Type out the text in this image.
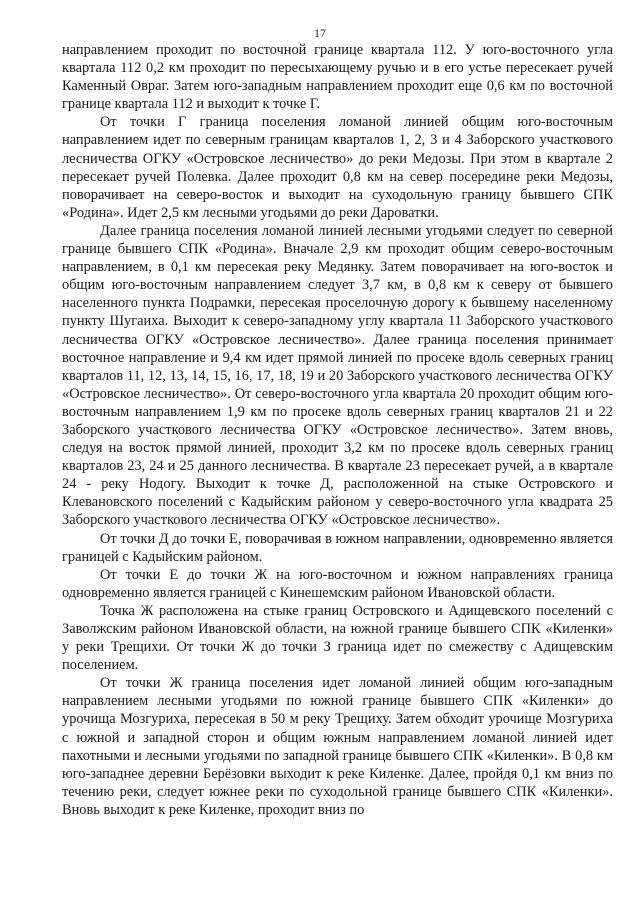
17

направлением проходит по восточной границе квартала 112. У юго-восточного угла квартала 112 0,2 км проходит по пересыхающему ручью и в его устье пересекает ручей Каменный Овраг. Затем юго-западным направлением проходит еще 0,6 км по восточной границе квартала 112 и выходит к точке Г.

От точки Г граница поселения ломаной линией общим юго-восточным направлением идет по северным границам кварталов 1, 2, 3 и 4 Заборского участкового лесничества ОГКУ «Островское лесничество» до реки Медозы. При этом в квартале 2 пересекает ручей Полевка. Далее проходит 0,8 км на север посередине реки Медозы, поворачивает на северо-восток и выходит на суходольную границу бывшего СПК «Родина». Идет 2,5 км лесными угодьями до реки Дароватки.

Далее граница поселения ломаной линией лесными угодьями следует по северной границе бывшего СПК «Родина». Вначале 2,9 км проходит общим северо-восточным направлением, в 0,1 км пересекая реку Медянку. Затем поворачивает на юго-восток и общим юго-восточным направлением следует 3,7 км, в 0,8 км к северу от бывшего населенного пункта Подрамки, пересекая проселочную дорогу к бывшему населенному пункту Шугаиха. Выходит к северо-западному углу квартала 11 Заборского участкового лесничества ОГКУ «Островское лесничество». Далее граница поселения принимает восточное направление и 9,4 км идет прямой линией по просеке вдоль северных границ кварталов 11, 12, 13, 14, 15, 16, 17, 18, 19 и 20 Заборского участкового лесничества ОГКУ «Островское лесничество». От северо-восточного угла квартала 20 проходит общим юго-восточным направлением 1,9 км по просеке вдоль северных границ кварталов 21 и 22 Заборского участкового лесничества ОГКУ «Островское лесничество». Затем вновь, следуя на восток прямой линией, проходит 3,2 км по просеке вдоль северных границ кварталов 23, 24 и 25 данного лесничества. В квартале 23 пересекает ручей, а в квартале 24 - реку Нодогу. Выходит к точке Д, расположенной на стыке Островского и Клевановского поселений с Кадыйским районом у северо-восточного угла квадрата 25 Заборского участкового лесничества ОГКУ «Островское лесничество».

От точки Д до точки Е, поворачивая в южном направлении, одновременно является границей с Кадыйским районом.

От точки Е до точки Ж на юго-восточном и южном направлениях граница одновременно является границей с Кинешемским районом Ивановской области.

Точка Ж расположена на стыке границ Островского и Адищевского поселений с Заволжским районом Ивановской области, на южной границе бывшего СПК «Киленки» у реки Трещихи. От точки Ж до точки З граница идет по смежеству с Адищевским поселением.

От точки Ж граница поселения идет ломаной линией общим юго-западным направлением лесными угодьями по южной границе бывшего СПК «Киленки» до урочища Мозгуриха, пересекая в 50 м реку Трещиху. Затем обходит урочище Мозгуриха с южной и западной сторон и общим южным направлением ломаной линией идет пахотными и лесными угодьями по западной границе бывшего СПК «Киленки». В 0,8 км юго-западнее деревни Берёзовки выходит к реке Киленке. Далее, пройдя 0,1 км вниз по течению реки, следует южнее реки по суходольной границе бывшего СПК «Киленки». Вновь выходит к реке Киленке, проходит вниз по
